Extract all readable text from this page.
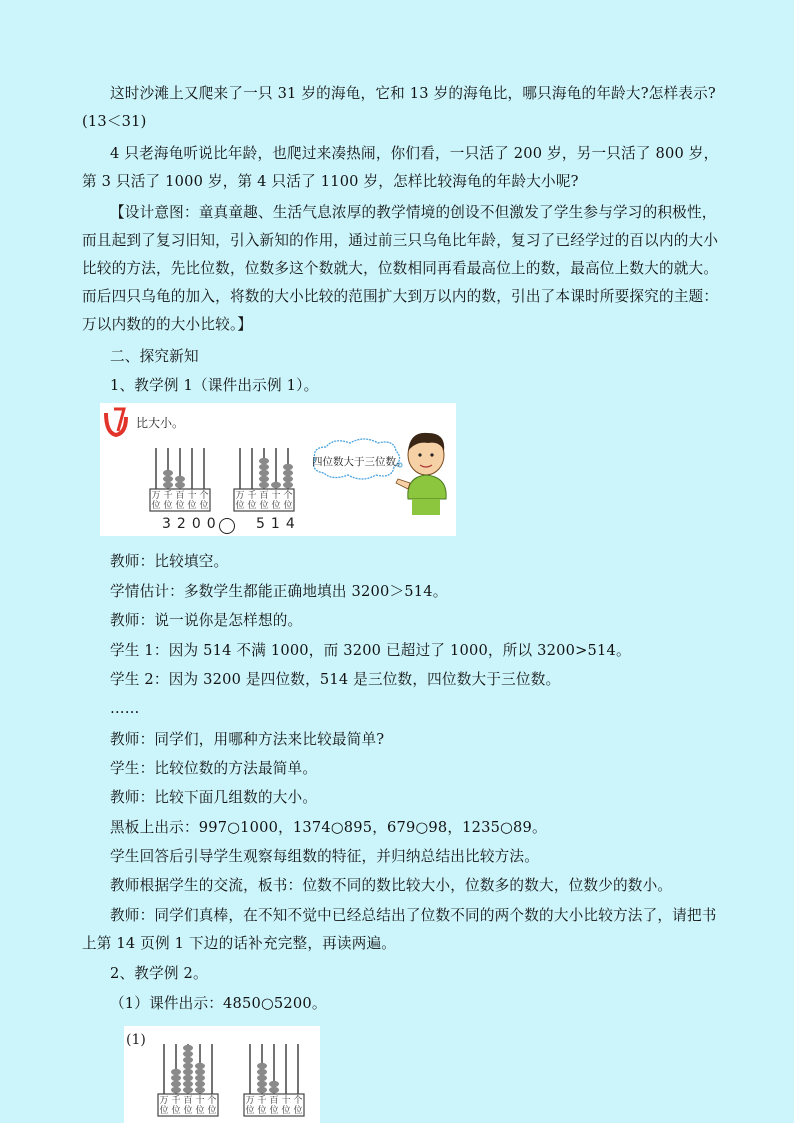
这时沙滩上又爬来了一只 31 岁的海龟，它和 13 岁的海龟比，哪只海龟的年龄大?怎样表示?(13＜31)

4 只老海龟听说比年龄，也爬过来凑热闹，你们看，一只活了 200 岁，另一只活了 800 岁，第 3 只活了 1000 岁，第 4 只活了 1100 岁，怎样比较海龟的年龄大小呢?

【设计意图：童真童趣、生活气息浓厚的教学情境的创设不但激发了学生参与学习的积极性，而且起到了复习旧知，引入新知的作用，通过前三只乌龟比年龄，复习了已经学过的百以内的大小比较的方法，先比位数，位数多这个数就大，位数相同再看最高位上的数，最高位上数大的就大。而后四只乌龟的加入，将数的大小比较的范围扩大到万以内的数，引出了本课时所要探究的主题：万以内数的的大小比较。】

二、探究新知

1、教学例 1（课件出示例 1）。

比大小。
万
位
千
位
百
位
十
位
个
位
万
位
千
位
百
位
十
位
个
位
3200 514
四位数大于三位数。

教师：比较填空。

学情估计：多数学生都能正确地填出 3200＞514。

教师：说一说你是怎样想的。

学生 1：因为 514 不满 1000，而 3200 已超过了 1000，所以 3200>514。

学生 2：因为 3200 是四位数，514 是三位数，四位数大于三位数。

……

教师：同学们，用哪种方法来比较最简单?

学生：比较位数的方法最简单。

教师：比较下面几组数的大小。

黑板上出示：997○1000，1374○895，679○98，1235○89。

学生回答后引导学生观察每组数的特征，并归纳总结出比较方法。

教师根据学生的交流，板书：位数不同的数比较大小，位数多的数大，位数少的数小。

教师：同学们真棒，在不知不觉中已经总结出了位数不同的两个数的大小比较方法了，请把书上第 14 页例 1 下边的话补充完整，再读两遍。

2、教学例 2。

（1）课件出示：4850○5200。

(1)
万
位
千
位
百
位
十
位
个
位
万
位
千
位
百
位
十
位
个
位
